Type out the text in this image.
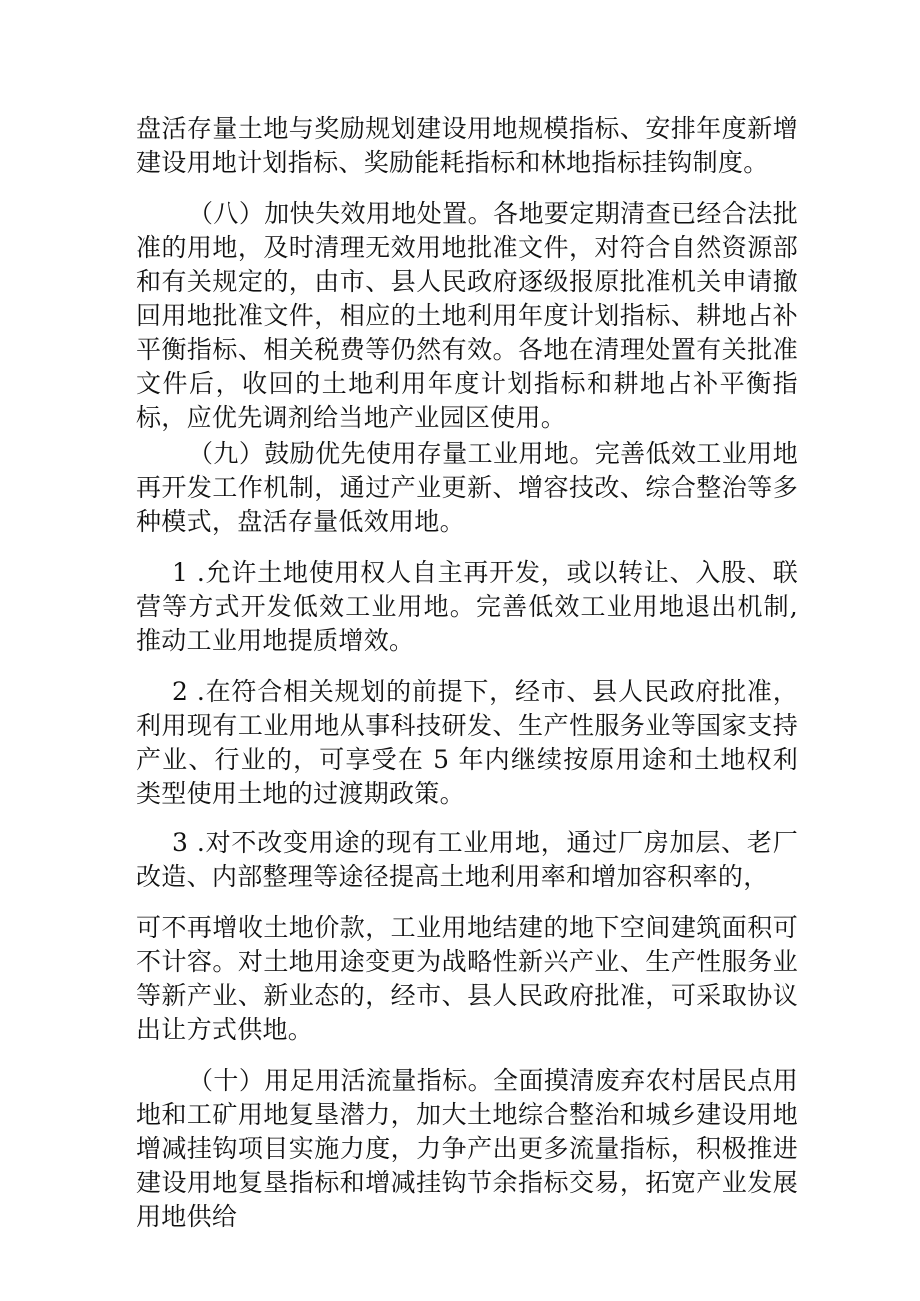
盘活存量土地与奖励规划建设用地规模指标、安排年度新增建设用地计划指标、奖励能耗指标和林地指标挂钩制度。

（八）加快失效用地处置。各地要定期清查已经合法批准的用地，及时清理无效用地批准文件，对符合自然资源部和有关规定的，由市、县人民政府逐级报原批准机关申请撤回用地批准文件，相应的土地利用年度计划指标、耕地占补平衡指标、相关税费等仍然有效。各地在清理处置有关批准文件后，收回的土地利用年度计划指标和耕地占补平衡指标，应优先调剂给当地产业园区使用。

（九）鼓励优先使用存量工业用地。完善低效工业用地再开发工作机制，通过产业更新、增容技改、综合整治等多种模式，盘活存量低效用地。

1 .允许土地使用权人自主再开发，或以转让、入股、联营等方式开发低效工业用地。完善低效工业用地退出机制, 推动工业用地提质增效。

2 .在符合相关规划的前提下，经市、县人民政府批准，利用现有工业用地从事科技研发、生产性服务业等国家支持产业、行业的，可享受在 5 年内继续按原用途和土地权利类型使用土地的过渡期政策。

3 .对不改变用途的现有工业用地，通过厂房加层、老厂改造、内部整理等途径提高土地利用率和增加容积率的，

可不再增收土地价款，工业用地结建的地下空间建筑面积可不计容。对土地用途变更为战略性新兴产业、生产性服务业等新产业、新业态的，经市、县人民政府批准，可采取协议出让方式供地。

（十）用足用活流量指标。全面摸清废弃农村居民点用地和工矿用地复垦潜力，加大土地综合整治和城乡建设用地增减挂钩项目实施力度，力争产出更多流量指标，积极推进建设用地复垦指标和增减挂钩节余指标交易，拓宽产业发展用地供给
